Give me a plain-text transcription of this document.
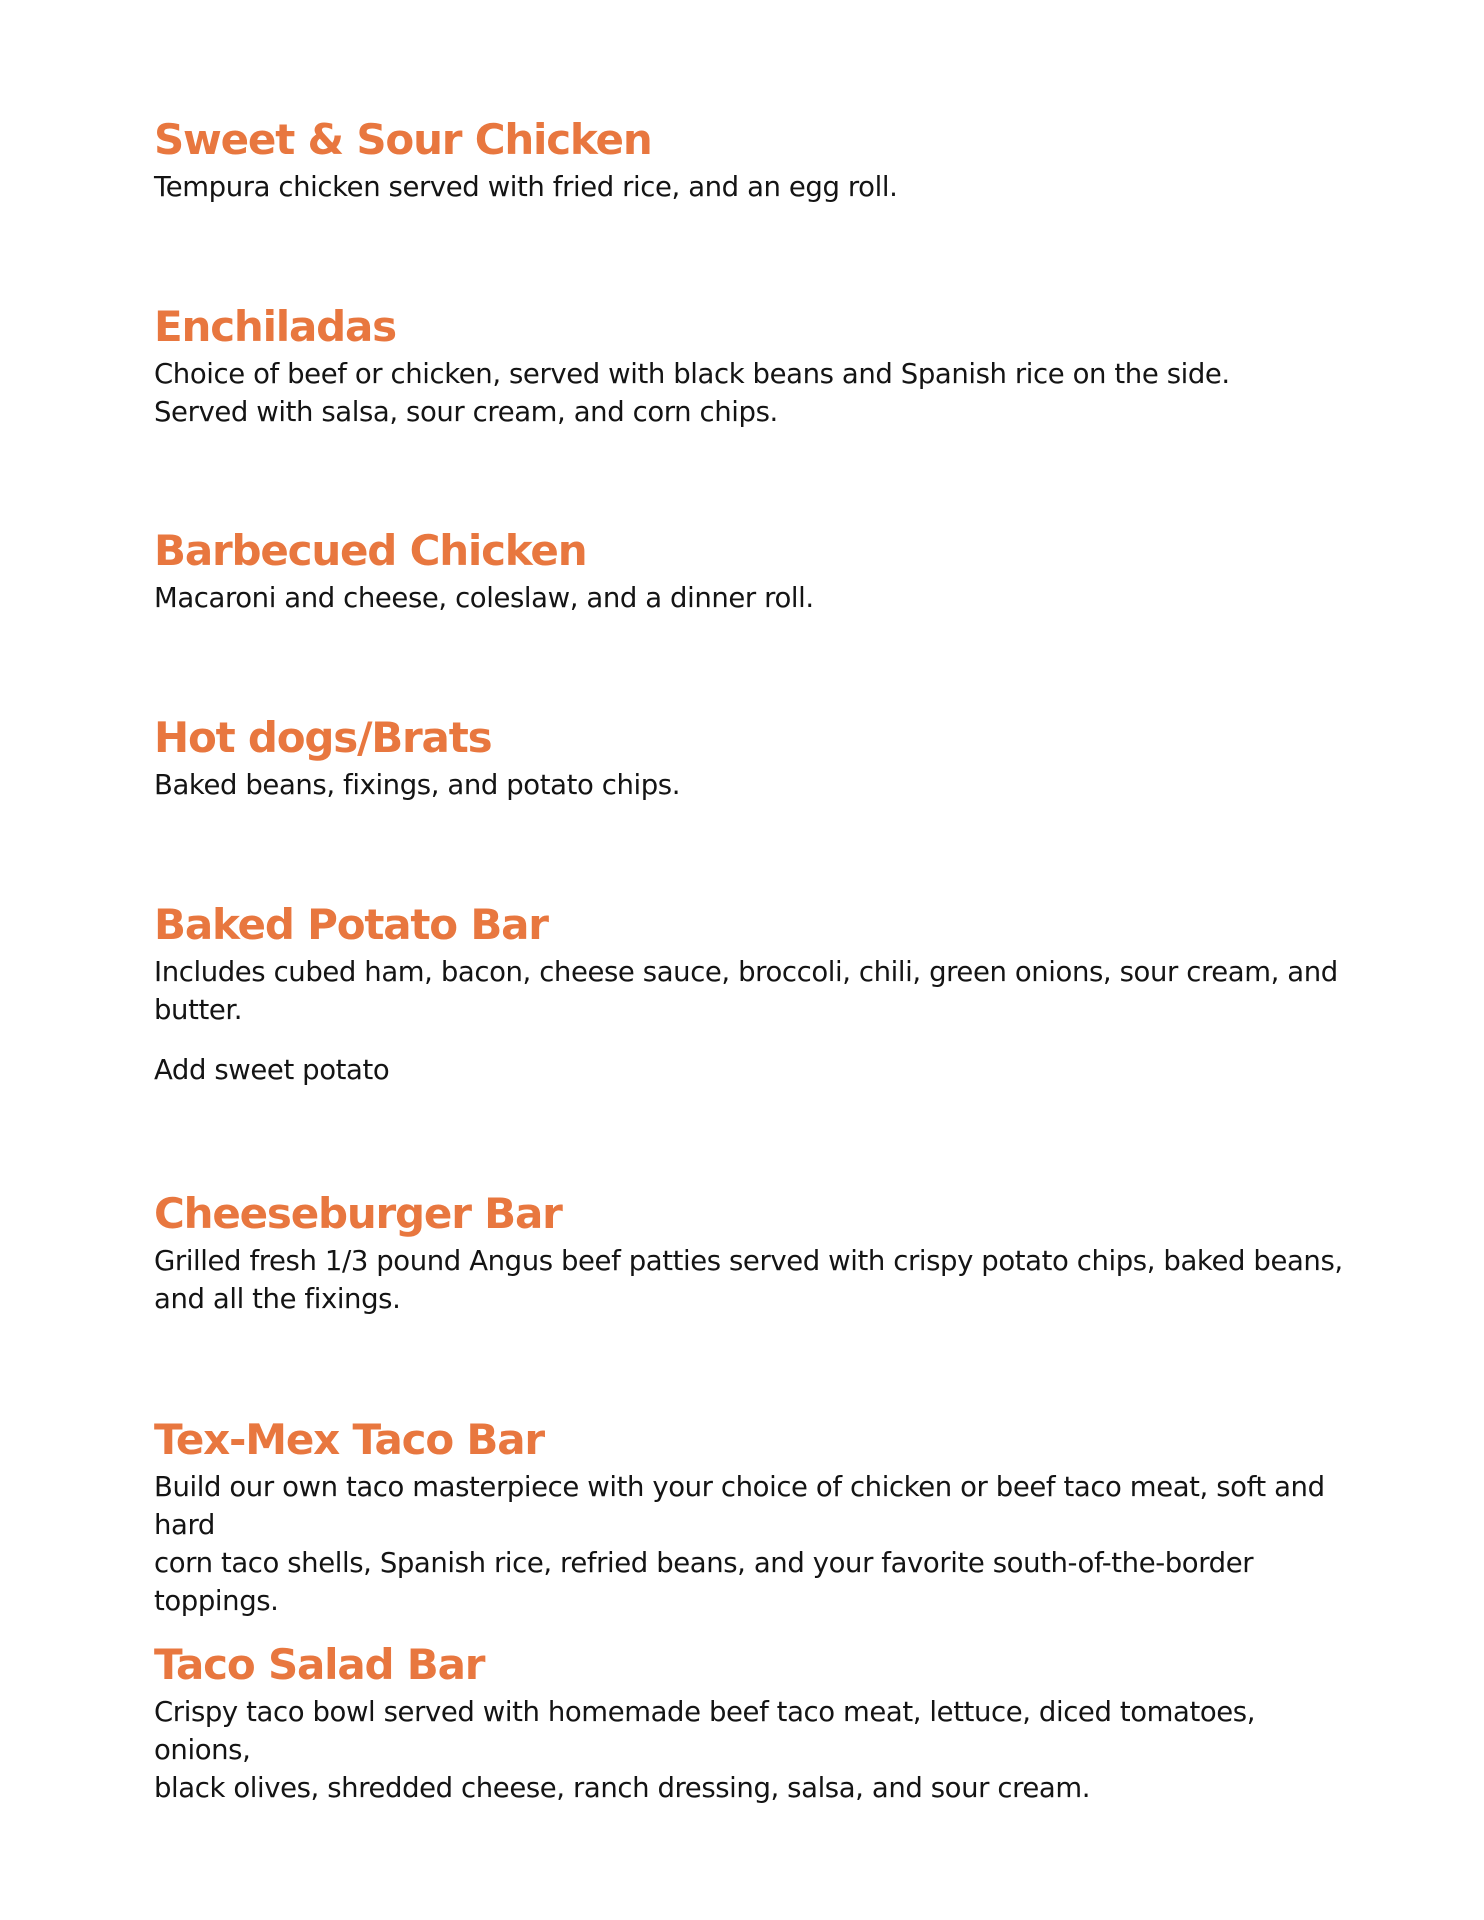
Sweet & Sour Chicken

Tempura chicken served with fried rice, and an egg roll.

Enchiladas

Choice of beef or chicken, served with black beans and Spanish rice on the side.
Served with salsa, sour cream, and corn chips.

Barbecued Chicken

Macaroni and cheese, coleslaw, and a dinner roll.

Hot dogs/Brats

Baked beans, fixings, and potato chips.

Baked Potato Bar

Includes cubed ham, bacon, cheese sauce, broccoli, chili, green onions, sour cream, and
butter.

Add sweet potato

Cheeseburger Bar

Grilled fresh 1/3 pound Angus beef patties served with crispy potato chips, baked beans,
and all the fixings.

Tex-Mex Taco Bar

Build our own taco masterpiece with your choice of chicken or beef taco meat, soft and hard
corn taco shells, Spanish rice, refried beans, and your favorite south-of-the-border toppings.

Taco Salad Bar

Crispy taco bowl served with homemade beef taco meat, lettuce, diced tomatoes, onions,
black olives, shredded cheese, ranch dressing, salsa, and sour cream.
